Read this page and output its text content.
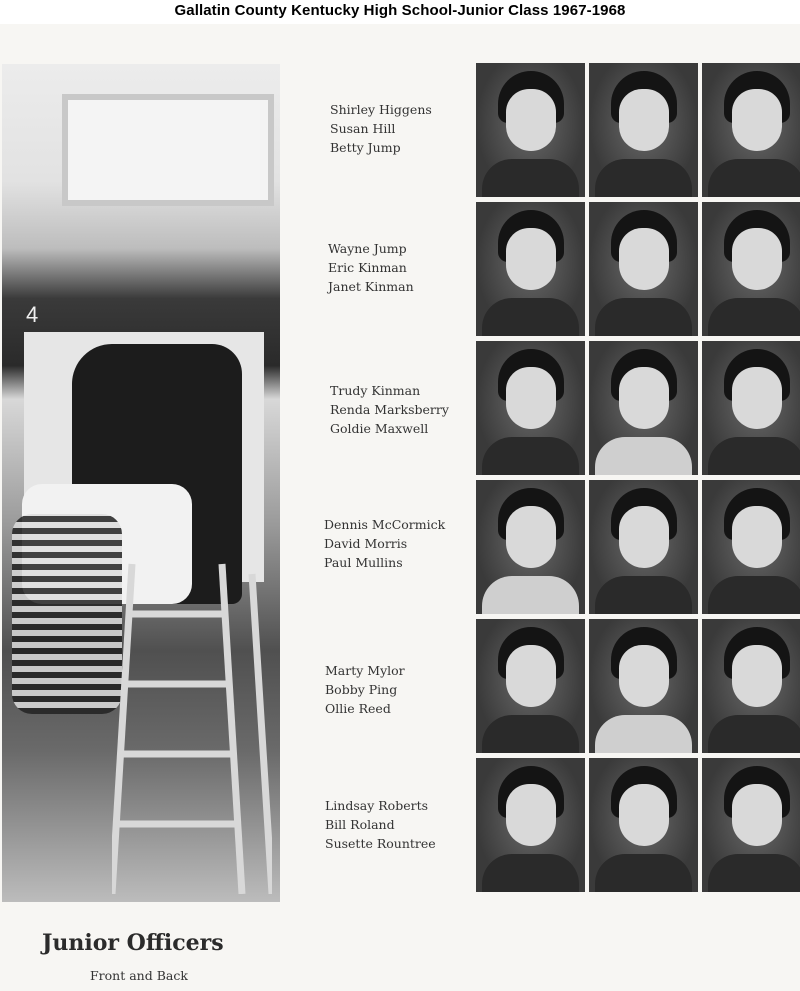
Gallatin County Kentucky High School-Junior Class 1967-1968
4
Shirley Higgens
Susan Hill
Betty Jump
Wayne Jump
Eric Kinman
Janet Kinman
Trudy Kinman
Renda Marksberry
Goldie Maxwell
Dennis McCormick
David Morris
Paul Mullins
Marty Mylor
Bobby Ping
Ollie Reed
Lindsay Roberts
Bill Roland
Susette Rountree
Junior Officers
Front and Back
